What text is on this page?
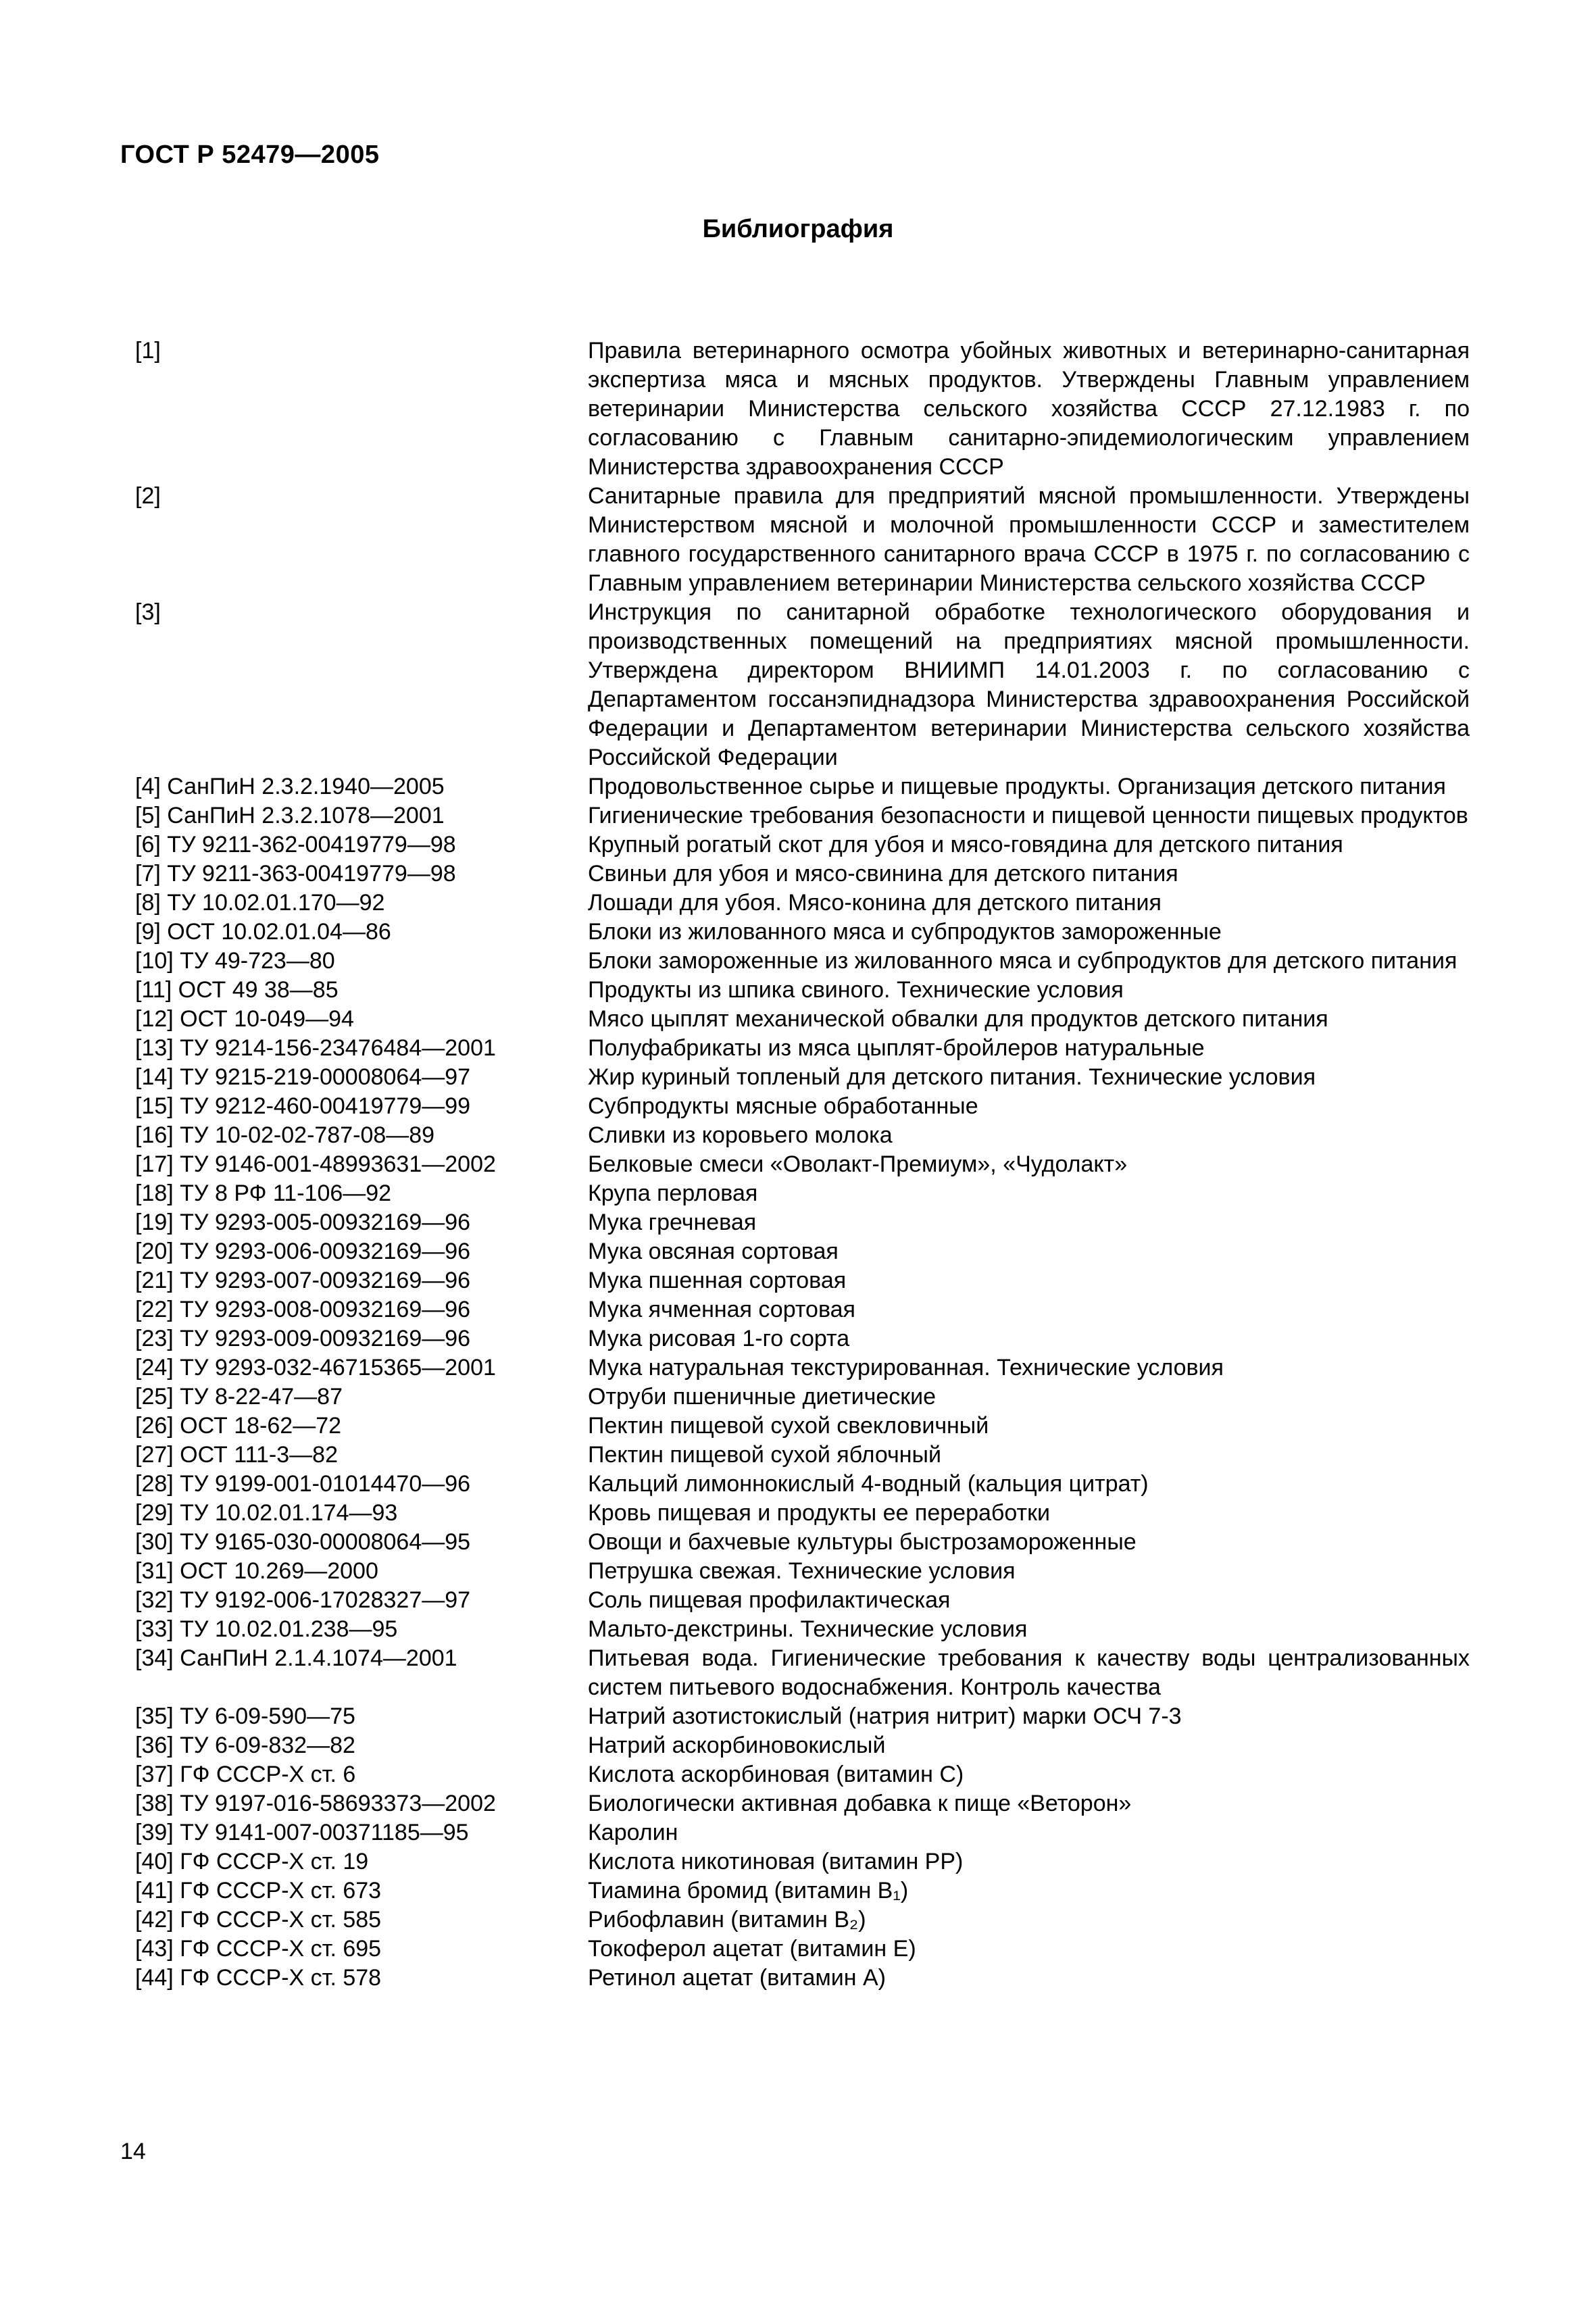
ГОСТ Р 52479—2005
Библиография
[1]	Правила ветеринарного осмотра убойных животных и ветеринарно-санитарная экспертиза мяса и мясных продуктов. Утверждены Главным управлением ветеринарии Министерства сельского хозяйства СССР 27.12.1983 г. по согласованию с Главным санитарно-эпидемиологическим управлением Министерства здравоохранения СССР
[2]	Санитарные правила для предприятий мясной промышленности. Утверждены Министерством мясной и молочной промышленности СССР и заместителем главного государственного санитарного врача СССР в 1975 г. по согласованию с Главным управлением ветеринарии Министерства сельского хозяйства СССР
[3]	Инструкция по санитарной обработке технологического оборудования и производственных помещений на предприятиях мясной промышленности. Утверждена директором ВНИИМП 14.01.2003 г. по согласованию с Департаментом госсанэпиднадзора Министерства здравоохранения Российской Федерации и Департаментом ветеринарии Министерства сельского хозяйства Российской Федерации
[4] СанПиН 2.3.2.1940—2005	Продовольственное сырье и пищевые продукты. Организация детского питания
[5] СанПиН 2.3.2.1078—2001	Гигиенические требования безопасности и пищевой ценности пищевых продуктов
[6] ТУ 9211-362-00419779—98	Крупный рогатый скот для убоя и мясо-говядина для детского питания
[7] ТУ 9211-363-00419779—98	Свиньи для убоя и мясо-свинина для детского питания
[8] ТУ 10.02.01.170—92	Лошади для убоя. Мясо-конина для детского питания
[9] ОСТ 10.02.01.04—86	Блоки из жилованного мяса и субпродуктов замороженные
[10] ТУ 49-723—80	Блоки замороженные из жилованного мяса и субпродуктов для детского питания
[11] ОСТ 49 38—85	Продукты из шпика свиного. Технические условия
[12] ОСТ 10-049—94	Мясо цыплят механической обвалки для продуктов детского питания
[13] ТУ 9214-156-23476484—2001	Полуфабрикаты из мяса цыплят-бройлеров натуральные
[14] ТУ 9215-219-00008064—97	Жир куриный топленый для детского питания. Технические условия
[15] ТУ 9212-460-00419779—99	Субпродукты мясные обработанные
[16] ТУ 10-02-02-787-08—89	Сливки из коровьего молока
[17] ТУ 9146-001-48993631—2002	Белковые смеси «Оволакт-Премиум», «Чудолакт»
[18] ТУ 8 РФ 11-106—92	Крупа перловая
[19] ТУ 9293-005-00932169—96	Мука гречневая
[20] ТУ 9293-006-00932169—96	Мука овсяная сортовая
[21] ТУ 9293-007-00932169—96	Мука пшенная сортовая
[22] ТУ 9293-008-00932169—96	Мука ячменная сортовая
[23] ТУ 9293-009-00932169—96	Мука рисовая 1-го сорта
[24] ТУ 9293-032-46715365—2001	Мука натуральная текстурированная. Технические условия
[25] ТУ 8-22-47—87	Отруби пшеничные диетические
[26] ОСТ 18-62—72	Пектин пищевой сухой свекловичный
[27] ОСТ 111-3—82	Пектин пищевой сухой яблочный
[28] ТУ 9199-001-01014470—96	Кальций лимоннокислый 4-водный (кальция цитрат)
[29] ТУ 10.02.01.174—93	Кровь пищевая и продукты ее переработки
[30] ТУ 9165-030-00008064—95	Овощи и бахчевые культуры быстрозамороженные
[31] ОСТ 10.269—2000	Петрушка свежая. Технические условия
[32] ТУ 9192-006-17028327—97	Соль пищевая профилактическая
[33] ТУ 10.02.01.238—95	Мальто-декстрины. Технические условия
[34] СанПиН 2.1.4.1074—2001	Питьевая вода. Гигиенические требования к качеству воды централизованных систем питьевого водоснабжения. Контроль качества
[35] ТУ 6-09-590—75	Натрий азотистокислый (натрия нитрит) марки ОСЧ 7-3
[36] ТУ 6-09-832—82	Натрий аскорбиновокислый
[37] ГФ СССР-Х ст. 6	Кислота аскорбиновая (витамин С)
[38] ТУ 9197-016-58693373—2002	Биологически активная добавка к пище «Веторон»
[39] ТУ 9141-007-00371185—95	Каролин
[40] ГФ СССР-Х ст. 19	Кислота никотиновая (витамин РР)
[41] ГФ СССР-Х ст. 673	Тиамина бромид (витамин В₁)
[42] ГФ СССР-Х ст. 585	Рибофлавин (витамин В₂)
[43] ГФ СССР-Х ст. 695	Токоферол ацетат (витамин Е)
[44] ГФ СССР-Х ст. 578	Ретинол ацетат (витамин А)
14
